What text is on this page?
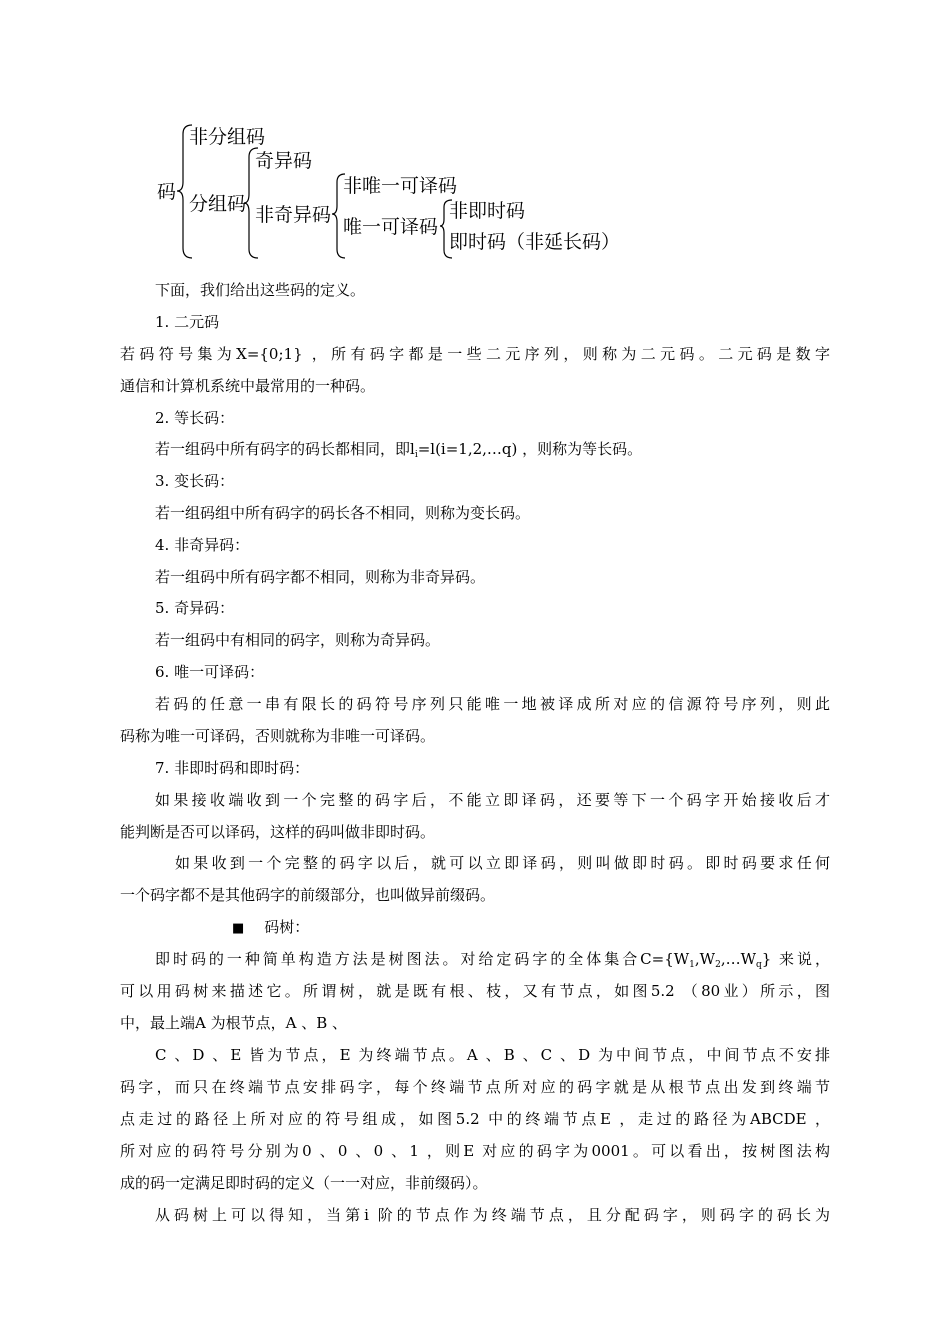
码
非分组码
分组码
奇异码
非奇异码
非唯一可译码
唯一可译码
非即时码
即时码（非延长码）
下面，我们给出这些码的定义。
1. 二元码
若码符号集为X={0;1} ，所有码字都是一些二元序列，则称为二元码。二元码是数字
通信和计算机系统中最常用的一种码。
2. 等长码：
若一组码中所有码字的码长都相同，即$l_i=l(i=1,2,\dots q)$ ，则称为等长码。
3. 变长码：
若一组码组中所有码字的码长各不相同，则称为变长码。
4. 非奇异码：
若一组码中所有码字都不相同，则称为非奇异码。
5. 奇异码：
若一组码中有相同的码字，则称为奇异码。
6. 唯一可译码：
若码的任意一串有限长的码符号序列只能唯一地被译成所对应的信源符号序列，则此
码称为唯一可译码，否则就称为非唯一可译码。
7. 非即时码和即时码：
如果接收端收到一个完整的码字后，不能立即译码，还要等下一个码字开始接收后才
能判断是否可以译码，这样的码叫做非即时码。
如果收到一个完整的码字以后，就可以立即译码，则叫做即时码。即时码要求任何
一个码字都不是其他码字的前缀部分，也叫做异前缀码。
■ 码树：
即时码的一种简单构造方法是树图法。对给定码字的全体集合$C=\{W_1,W_2,\dots W_q\}$ 来说，
可以用码树来描述它。所谓树，就是既有根、枝，又有节点，如图5.2 （80业）所示，图
中，最上端A 为根节点，A 、B 、
C 、D 、E 皆为节点，E 为终端节点。A 、B 、C 、D 为中间节点，中间节点不安排
码字，而只在终端节点安排码字，每个终端节点所对应的码字就是从根节点出发到终端节
点走过的路径上所对应的符号组成，如图5.2 中的终端节点E ，走过的路径为ABCDE ，
所对应的码符号分别为0 、0 、0 、1 ，则E 对应的码字为0001。可以看出，按树图法构
成的码一定满足即时码的定义（一一对应，非前缀码）。
从码树上可以得知，当第i 阶的节点作为终端节点，且分配码字，则码字的码长为
